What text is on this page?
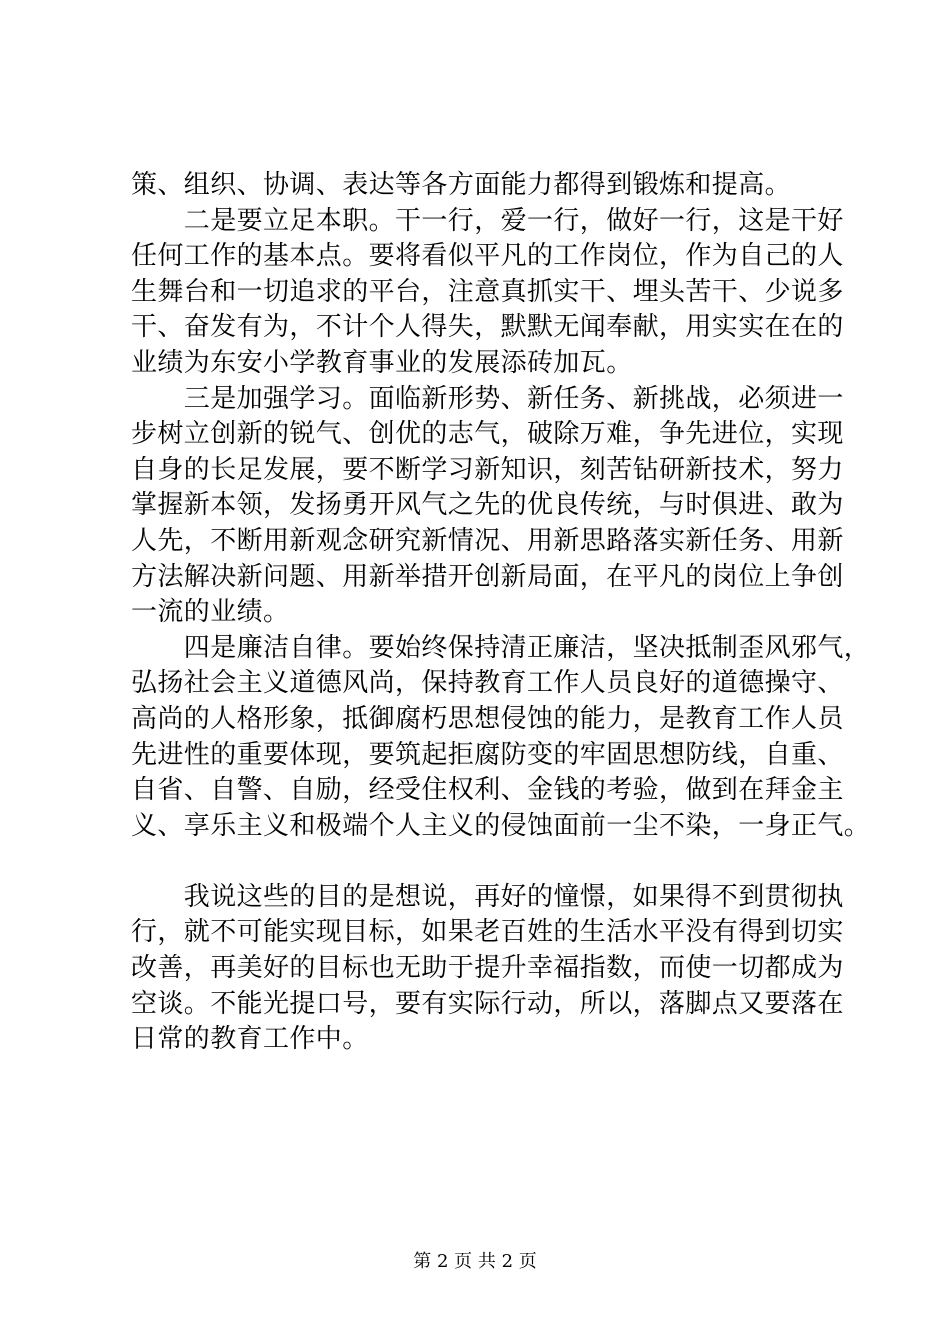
策、组织、协调、表达等各方面能力都得到锻炼和提高。
　　二是要立足本职。干一行，爱一行，做好一行，这是干好
任何工作的基本点。要将看似平凡的工作岗位，作为自己的人
生舞台和一切追求的平台，注意真抓实干、埋头苦干、少说多
干、奋发有为，不计个人得失，默默无闻奉献，用实实在在的
业绩为东安小学教育事业的发展添砖加瓦。
　　三是加强学习。面临新形势、新任务、新挑战，必须进一
步树立创新的锐气、创优的志气，破除万难，争先进位，实现
自身的长足发展，要不断学习新知识，刻苦钻研新技术，努力
掌握新本领，发扬勇开风气之先的优良传统，与时俱进、敢为
人先，不断用新观念研究新情况、用新思路落实新任务、用新
方法解决新问题、用新举措开创新局面，在平凡的岗位上争创
一流的业绩。
　　四是廉洁自律。要始终保持清正廉洁，坚决抵制歪风邪气，
弘扬社会主义道德风尚，保持教育工作人员良好的道德操守、
高尚的人格形象，抵御腐朽思想侵蚀的能力，是教育工作人员
先进性的重要体现，要筑起拒腐防变的牢固思想防线，自重、
自省、自警、自励，经受住权利、金钱的考验，做到在拜金主
义、享乐主义和极端个人主义的侵蚀面前一尘不染，一身正气。
　　我说这些的目的是想说，再好的憧憬，如果得不到贯彻执
行，就不可能实现目标，如果老百姓的生活水平没有得到切实
改善，再美好的目标也无助于提升幸福指数，而使一切都成为
空谈。不能光提口号，要有实际行动，所以，落脚点又要落在
日常的教育工作中。
第 2 页 共 2 页
